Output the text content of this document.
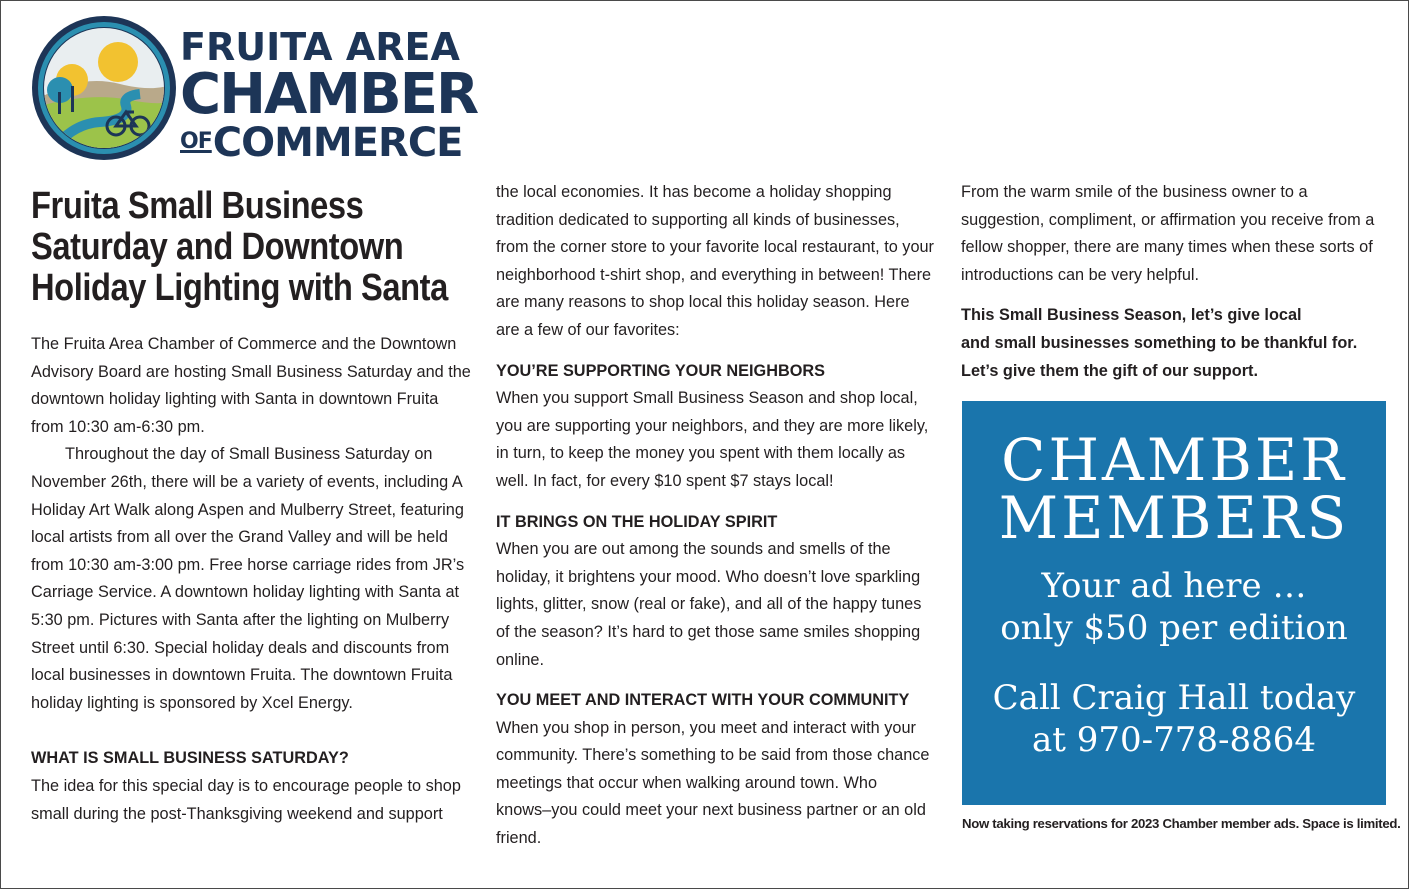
FRUITA AREA
CHAMBER
$^{OF}$COMMERCE
Fruita Small Business
Saturday and Downtown
Holiday Lighting with Santa

The Fruita Area Chamber of Commerce and the Downtown Advisory Board are hosting Small Business Saturday and the downtown holiday lighting with Santa in downtown Fruita from 10:30 am-6:30 pm.

Throughout the day of Small Business Saturday on November 26th, there will be a variety of events, including A Holiday Art Walk along Aspen and Mulberry Street, featuring local artists from all over the Grand Valley and will be held from 10:30 am-3:00 pm. Free horse carriage rides from JR’s Carriage Service. A downtown holiday lighting with Santa at 5:30 pm. Pictures with Santa after the lighting on Mulberry Street until 6:30. Special holiday deals and discounts from local businesses in downtown Fruita. The downtown Fruita holiday lighting is sponsored by Xcel Energy.

WHAT IS SMALL BUSINESS SATURDAY?

The idea for this special day is to encourage people to shop small during the post-Thanksgiving weekend and support

the local economies. It has become a holiday shopping tradition dedicated to supporting all kinds of businesses, from the corner store to your favorite local restaurant, to your neighborhood t-shirt shop, and everything in between! There are many reasons to shop local this holiday season. Here are a few of our favorites:

YOU’RE SUPPORTING YOUR NEIGHBORS

When you support Small Business Season and shop local, you are supporting your neighbors, and they are more likely, in turn, to keep the money you spent with them locally as well. In fact, for every $10 spent $7 stays local!

IT BRINGS ON THE HOLIDAY SPIRIT

When you are out among the sounds and smells of the holiday, it brightens your mood. Who doesn’t love sparkling lights, glitter, snow (real or fake), and all of the happy tunes of the season? It’s hard to get those same smiles shopping online.

YOU MEET AND INTERACT WITH YOUR COMMUNITY

When you shop in person, you meet and interact with your community. There’s something to be said from those chance meetings that occur when walking around town. Who knows–you could meet your next business partner or an old friend.

From the warm smile of the business owner to a suggestion, compliment, or affirmation you receive from a fellow shopper, there are many times when these sorts of introductions can be very helpful.

This Small Business Season, let’s give local

and small businesses something to be thankful for.

Let’s give them the gift of our support.

CHAMBER
MEMBERS
Your ad here …
only $50 per edition
Call Craig Hall today
at 970-778-8864
Now taking reservations for 2023 Chamber member ads. Space is limited.
